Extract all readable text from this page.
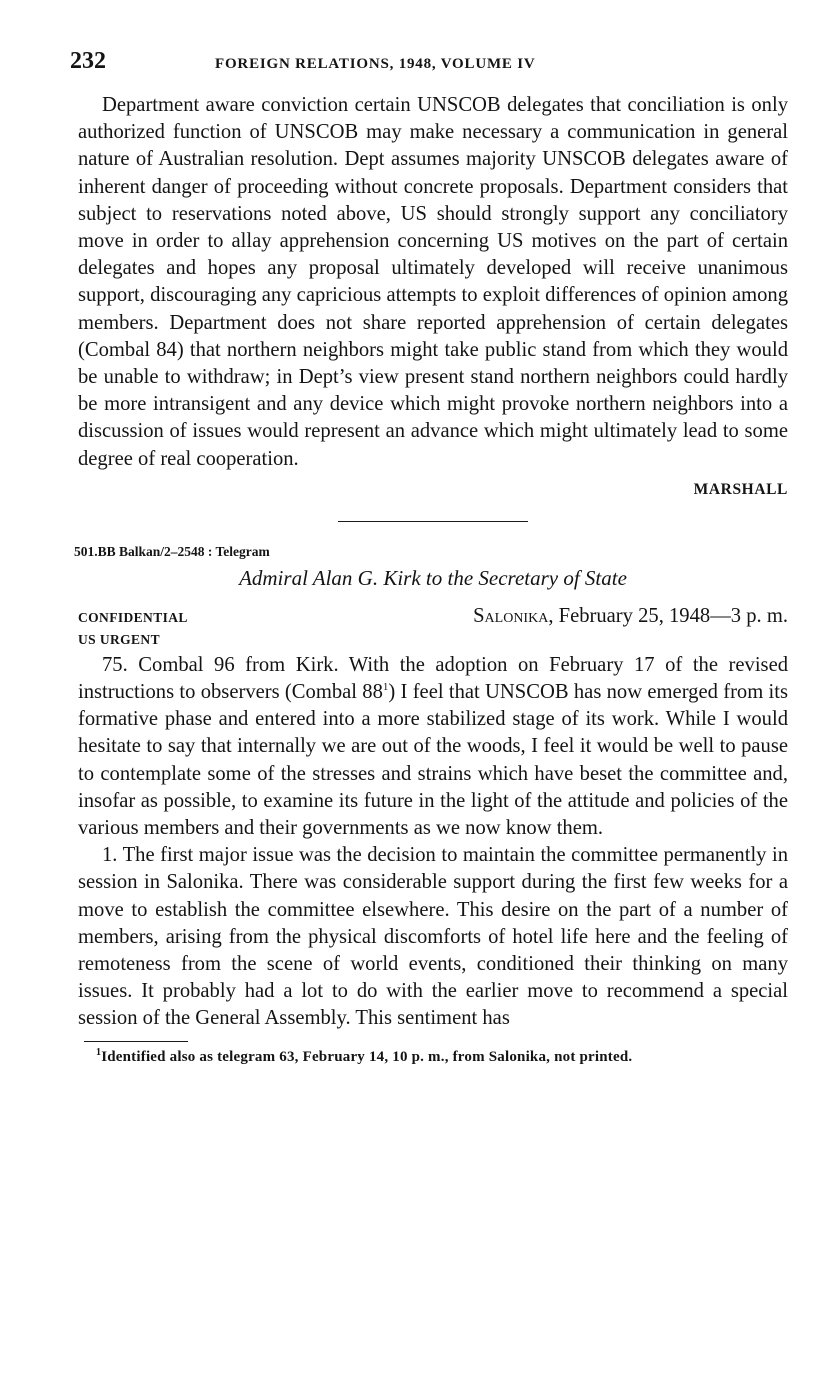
232	FOREIGN RELATIONS, 1948, VOLUME IV

Department aware conviction certain UNSCOB delegates that conciliation is only authorized function of UNSCOB may make necessary a communication in general nature of Australian resolution. Dept assumes majority UNSCOB delegates aware of inherent danger of proceeding without concrete proposals. Department considers that subject to reservations noted above, US should strongly support any conciliatory move in order to allay apprehension concerning US motives on the part of certain delegates and hopes any proposal ultimately developed will receive unanimous support, discouraging any capricious attempts to exploit differences of opinion among members. Department does not share reported apprehension of certain delegates (Combal 84) that northern neighbors might take public stand from which they would be unable to withdraw; in Dept’s view present stand northern neighbors could hardly be more intransigent and any device which might provoke northern neighbors into a discussion of issues would represent an advance which might ultimately lead to some degree of real cooperation.

MARSHALL
501.BB Balkan/2–2548 : Telegram
Admiral Alan G. Kirk to the Secretary of State
CONFIDENTIAL	Salonika, February 25, 1948—3 p. m.
US URGENT

75. Combal 96 from Kirk. With the adoption on February 17 of the revised instructions to observers (Combal 88$^1$) I feel that UNSCOB has now emerged from its formative phase and entered into a more stabilized stage of its work. While I would hesitate to say that internally we are out of the woods, I feel it would be well to pause to contemplate some of the stresses and strains which have beset the committee and, insofar as possible, to examine its future in the light of the attitude and policies of the various members and their governments as we now know them.

1. The first major issue was the decision to maintain the committee permanently in session in Salonika. There was considerable support during the first few weeks for a move to establish the committee elsewhere. This desire on the part of a number of members, arising from the physical discomforts of hotel life here and the feeling of remoteness from the scene of world events, conditioned their thinking on many issues. It probably had a lot to do with the earlier move to recommend a special session of the General Assembly. This sentiment has

$^1$Identified also as telegram 63, February 14, 10 p. m., from Salonika, not printed.
